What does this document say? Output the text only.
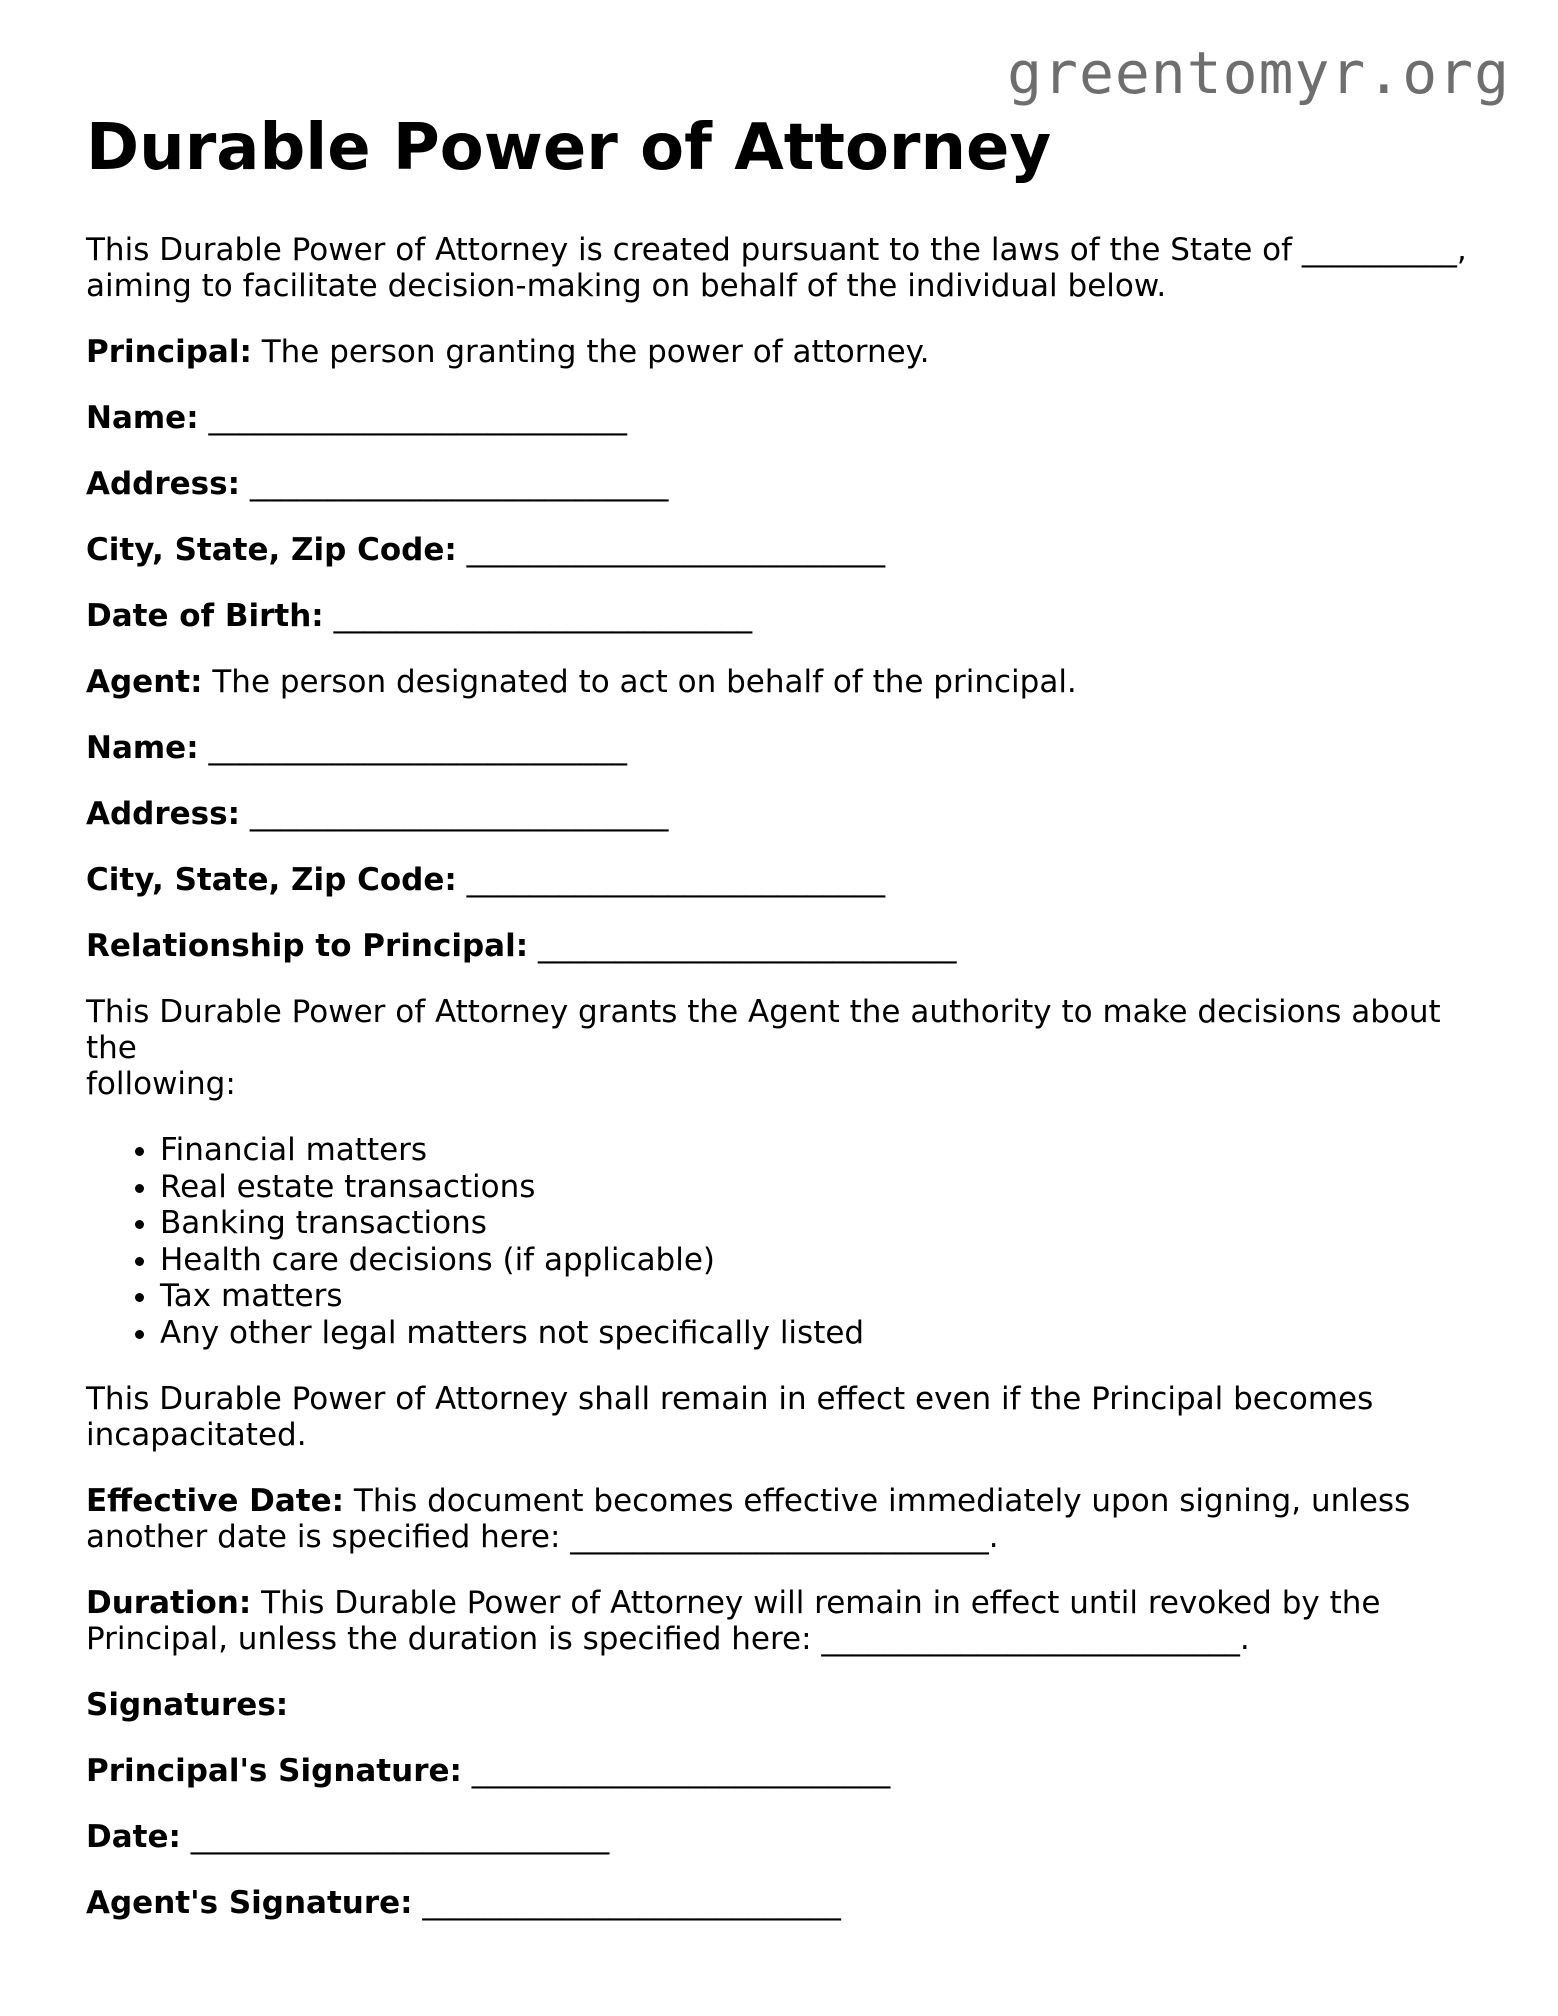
greentomyr.org
Durable Power of Attorney

This Durable Power of Attorney is created pursuant to the laws of the State of __________,
aiming to facilitate decision-making on behalf of the individual below.

Principal: The person granting the power of attorney.

Name: ___________________________

Address: ___________________________

City, State, Zip Code: ___________________________

Date of Birth: ___________________________

Agent: The person designated to act on behalf of the principal.

Name: ___________________________

Address: ___________________________

City, State, Zip Code: ___________________________

Relationship to Principal: ___________________________

This Durable Power of Attorney grants the Agent the authority to make decisions about the
following:

• Financial matters
• Real estate transactions
• Banking transactions
• Health care decisions (if applicable)
• Tax matters
• Any other legal matters not specifically listed

This Durable Power of Attorney shall remain in effect even if the Principal becomes
incapacitated.

Effective Date: This document becomes effective immediately upon signing, unless
another date is specified here: ___________________________.

Duration: This Durable Power of Attorney will remain in effect until revoked by the
Principal, unless the duration is specified here: ___________________________.

Signatures:

Principal's Signature: ___________________________

Date: ___________________________

Agent's Signature: ___________________________
